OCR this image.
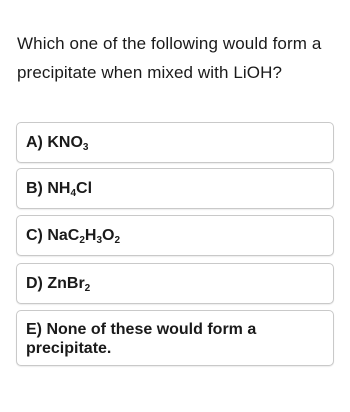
Which one of the following would form a
precipitate when mixed with LiOH?
A)
$KNO_3$
B)
$NH_4Cl$
C)
$NaC_2H_3O_2$
D)
ZnBr$_2$
E) None of these would form a
precipitate.
